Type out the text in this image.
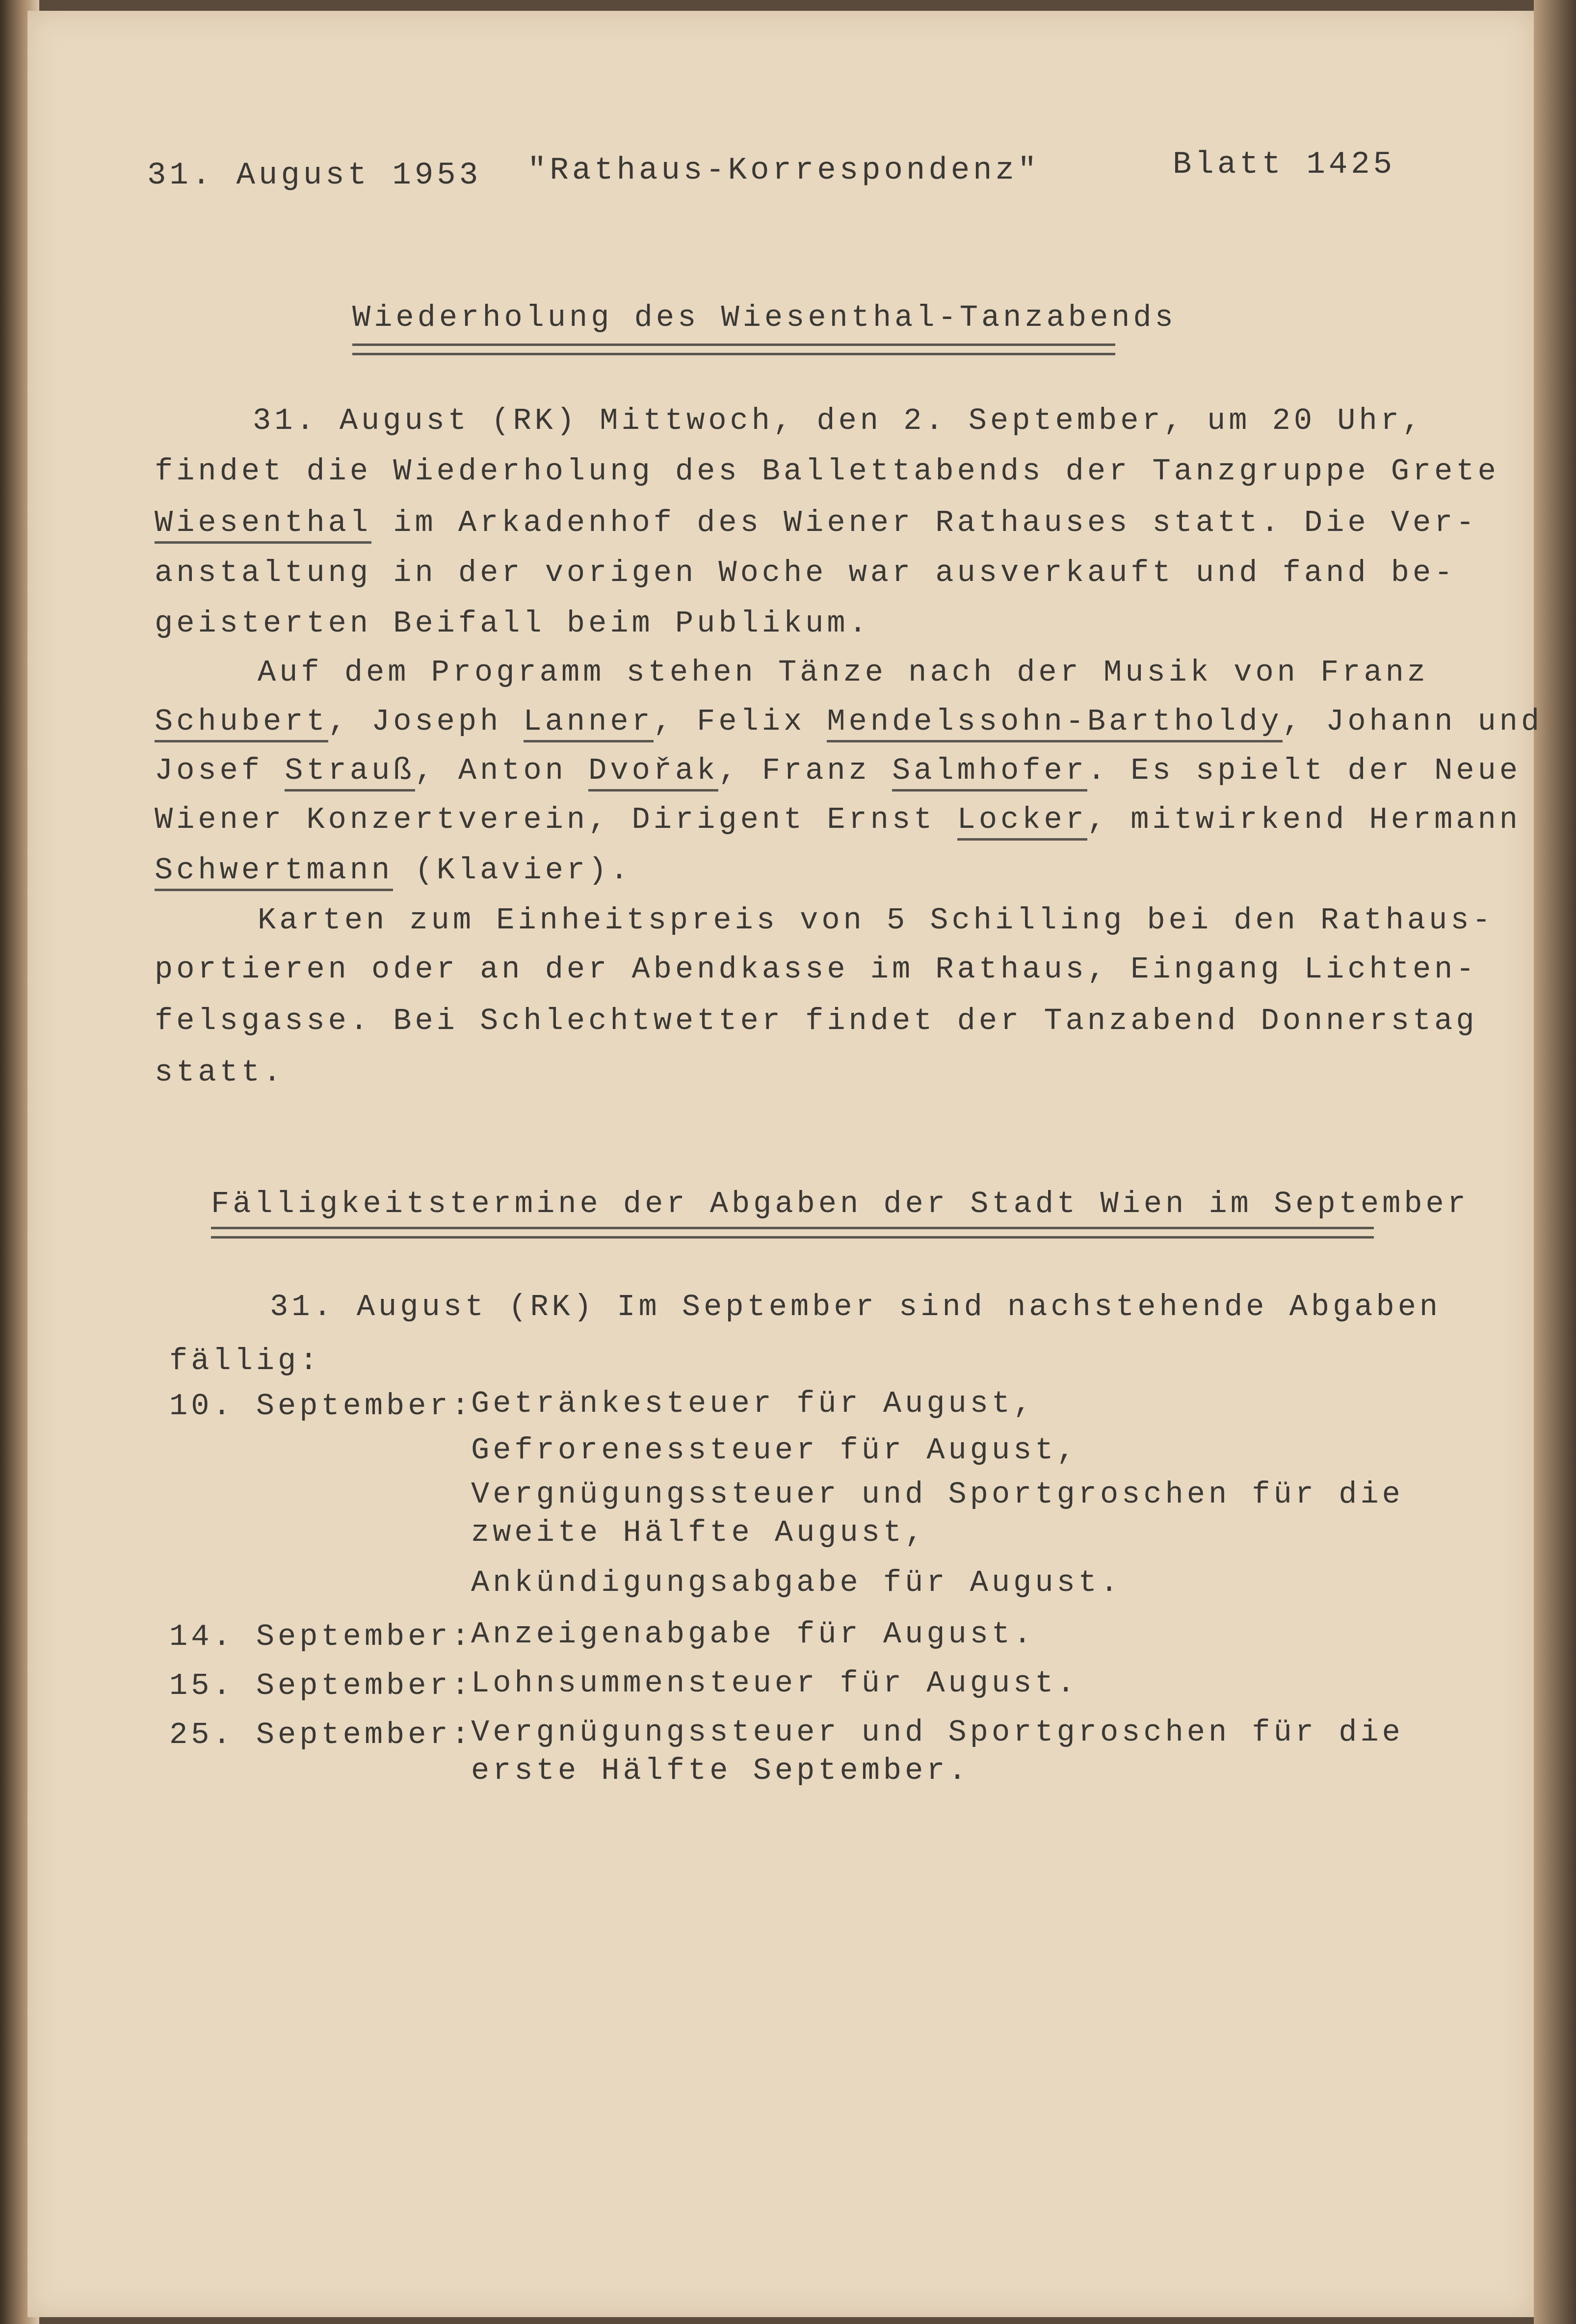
31. August 1953 "Rathaus-Korrespondenz"	Blatt 1425
Wiederholung des Wiesenthal-Tanzabends
31. August (RK) Mittwoch, den 2. September, um 20 Uhr,
findet die Wiederholung des Ballettabends der Tanzgruppe Grete
Wiesenthal im Arkadenhof des Wiener Rathauses statt. Die Ver-
anstaltung in der vorigen Woche war ausverkauft und fand be-
geisterten Beifall beim Publikum.
Auf dem Programm stehen Tänze nach der Musik von Franz
Schubert, Joseph Lanner, Felix Mendelssohn-Bartholdy, Johann und
Josef Strauß, Anton Dvořak, Franz Salmhofer. Es spielt der Neue
Wiener Konzertverein, Dirigent Ernst Locker, mitwirkend Hermann
Schwertmann (Klavier).
Karten zum Einheitspreis von 5 Schilling bei den Rathaus-
portieren oder an der Abendkasse im Rathaus, Eingang Lichten-
felsgasse. Bei Schlechtwetter findet der Tanzabend Donnerstag
statt.
Fälligkeitstermine der Abgaben der Stadt Wien im September
31. August (RK) Im September sind nachstehende Abgaben
fällig:
10. September:
Getränkesteuer für August,
Gefrorenessteuer für August,
Vergnügungssteuer und Sportgroschen für die
zweite Hälfte August,
Ankündigungsabgabe für August.
14. September:
Anzeigenabgabe für August.
15. September:
Lohnsummensteuer für August.
25. September:
Vergnügungssteuer und Sportgroschen für die
erste Hälfte September.
